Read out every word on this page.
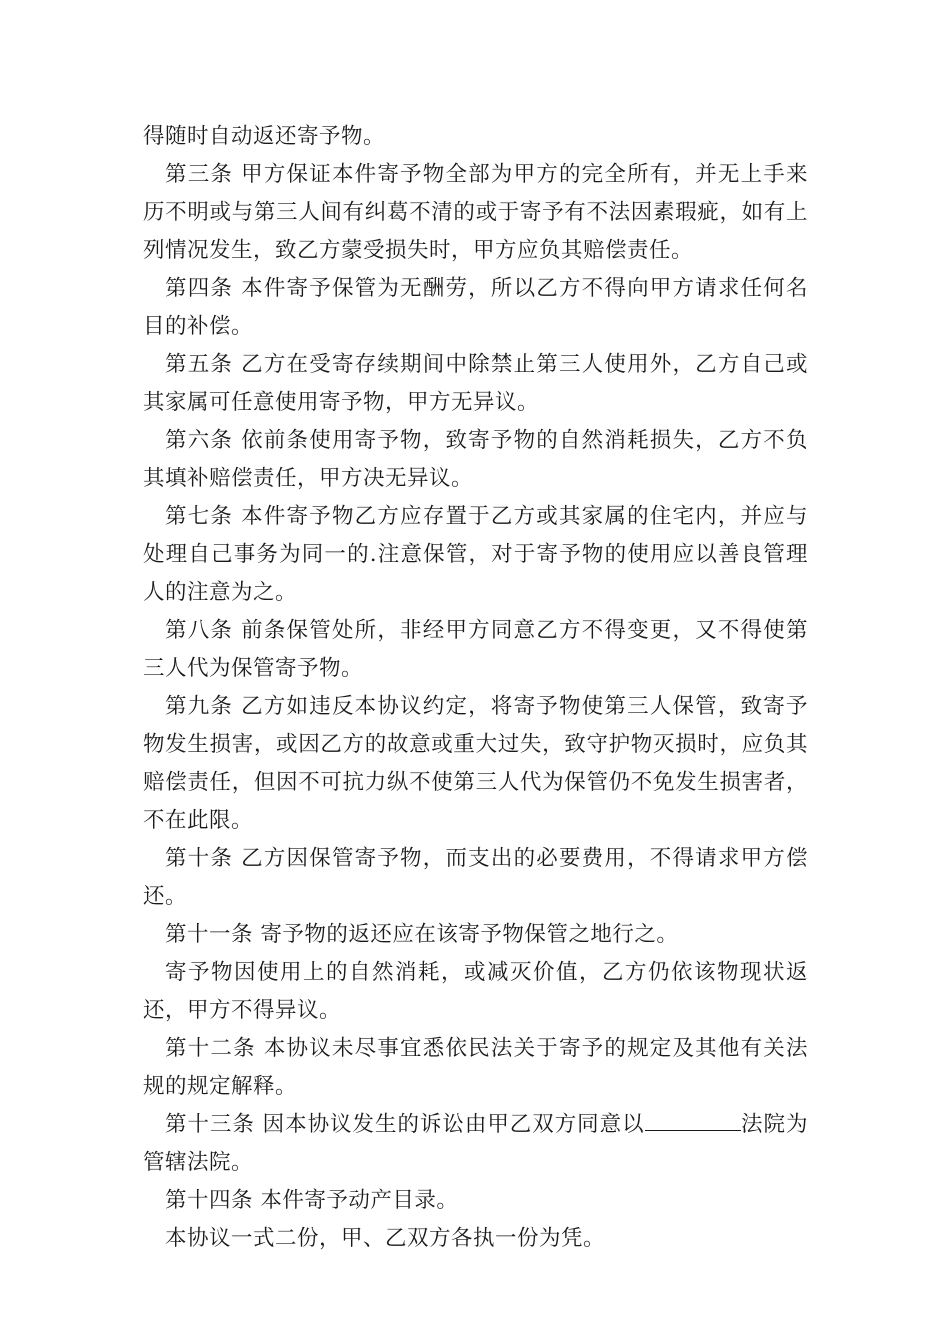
得随时自动返还寄予物。

第三条 甲方保证本件寄予物全部为甲方的完全所有，并无上手来历不明或与第三人间有纠葛不清的或于寄予有不法因素瑕疵，如有上列情况发生，致乙方蒙受损失时，甲方应负其赔偿责任。

第四条 本件寄予保管为无酬劳，所以乙方不得向甲方请求任何名目的补偿。

第五条 乙方在受寄存续期间中除禁止第三人使用外，乙方自己或其家属可任意使用寄予物，甲方无异议。

第六条 依前条使用寄予物，致寄予物的自然消耗损失，乙方不负其填补赔偿责任，甲方决无异议。

第七条 本件寄予物乙方应存置于乙方或其家属的住宅内，并应与处理自己事务为同一的.注意保管，对于寄予物的使用应以善良管理人的注意为之。

第八条 前条保管处所，非经甲方同意乙方不得变更，又不得使第三人代为保管寄予物。

第九条 乙方如违反本协议约定，将寄予物使第三人保管，致寄予物发生损害，或因乙方的故意或重大过失，致守护物灭损时，应负其赔偿责任，但因不可抗力纵不使第三人代为保管仍不免发生损害者，不在此限。

第十条 乙方因保管寄予物，而支出的必要费用，不得请求甲方偿还。

第十一条 寄予物的返还应在该寄予物保管之地行之。

寄予物因使用上的自然消耗，或减灭价值，乙方仍依该物现状返还，甲方不得异议。

第十二条 本协议未尽事宜悉依民法关于寄予的规定及其他有关法规的规定解释。

第十三条 因本协议发生的诉讼由甲乙双方同意以	法院为管辖法院。

第十四条 本件寄予动产目录。

本协议一式二份，甲、乙双方各执一份为凭。
